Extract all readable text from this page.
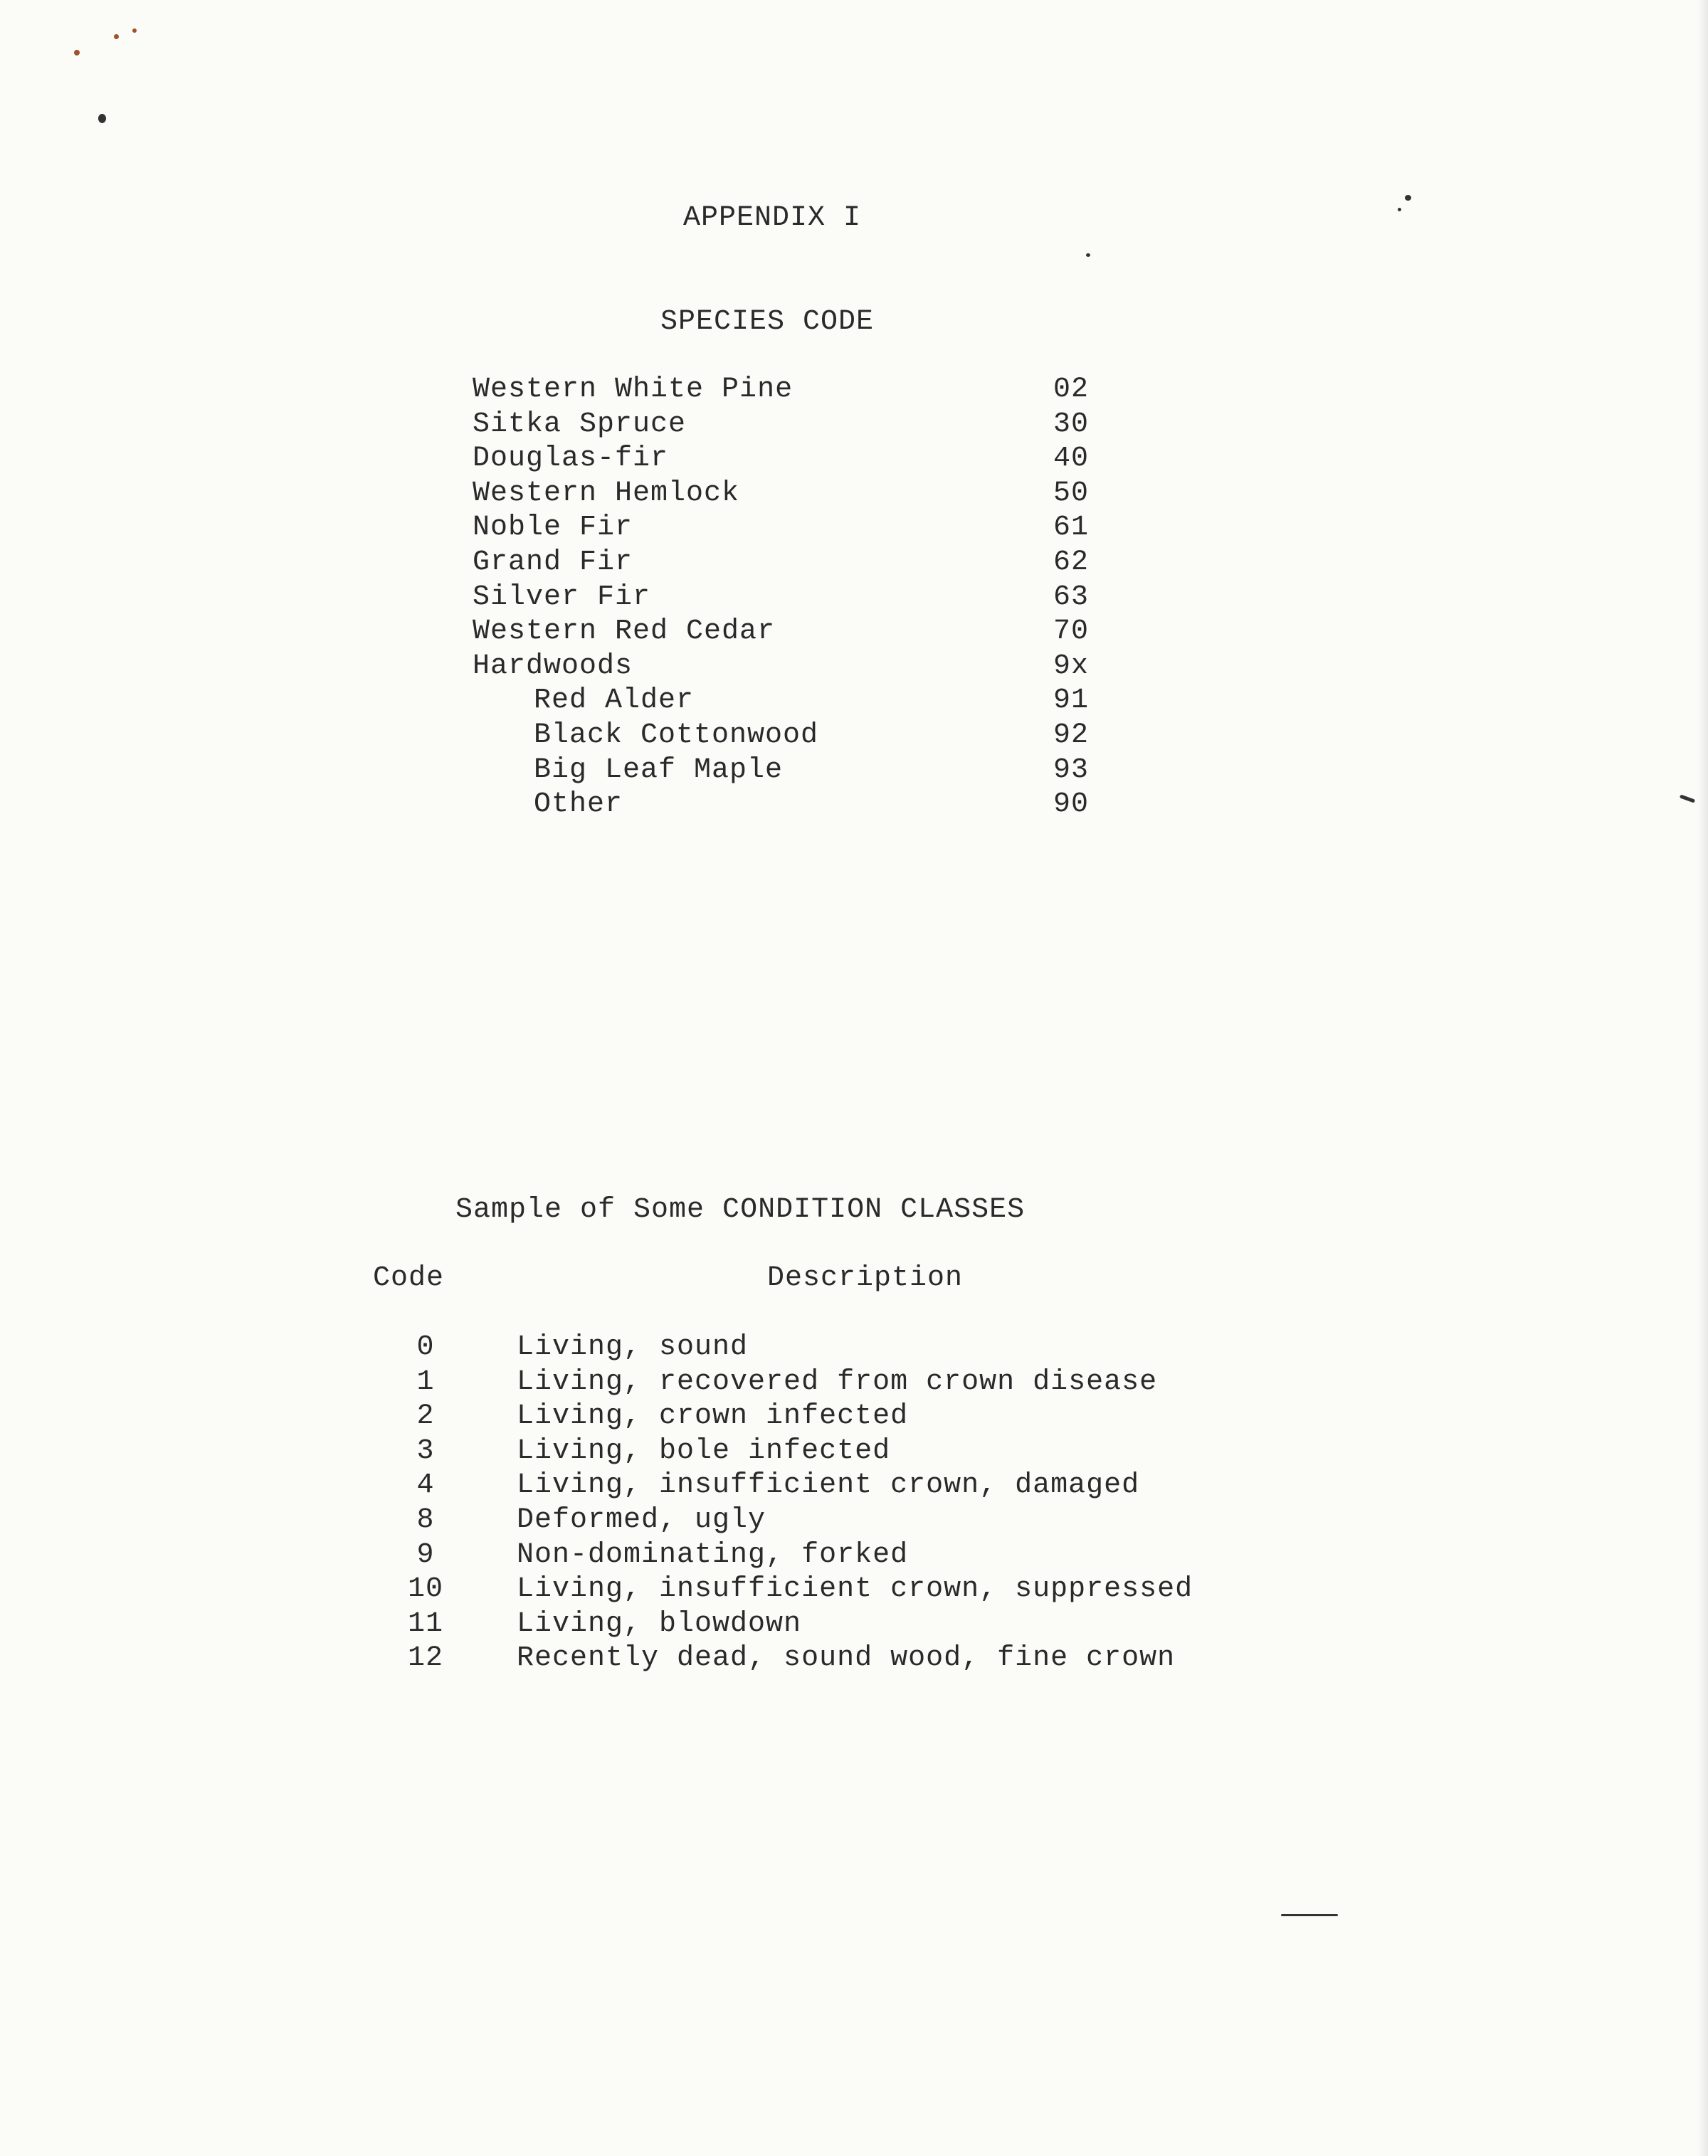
APPENDIX I
SPECIES CODE
Western White Pine	02
Sitka Spruce	30
Douglas-fir	40
Western Hemlock	50
Noble Fir	61
Grand Fir	62
Silver Fir	63
Western Red Cedar	70
Hardwoods	9x
Red Alder	91
Black Cottonwood	92
Big Leaf Maple	93
Other	90
Sample of Some CONDITION CLASSES
Code	Description
0	Living, sound
1	Living, recovered from crown disease
2	Living, crown infected
3	Living, bole infected
4	Living, insufficient crown, damaged
8	Deformed, ugly
9	Non-dominating, forked
10	Living, insufficient crown, suppressed
11	Living, blowdown
12	Recently dead, sound wood, fine crown
